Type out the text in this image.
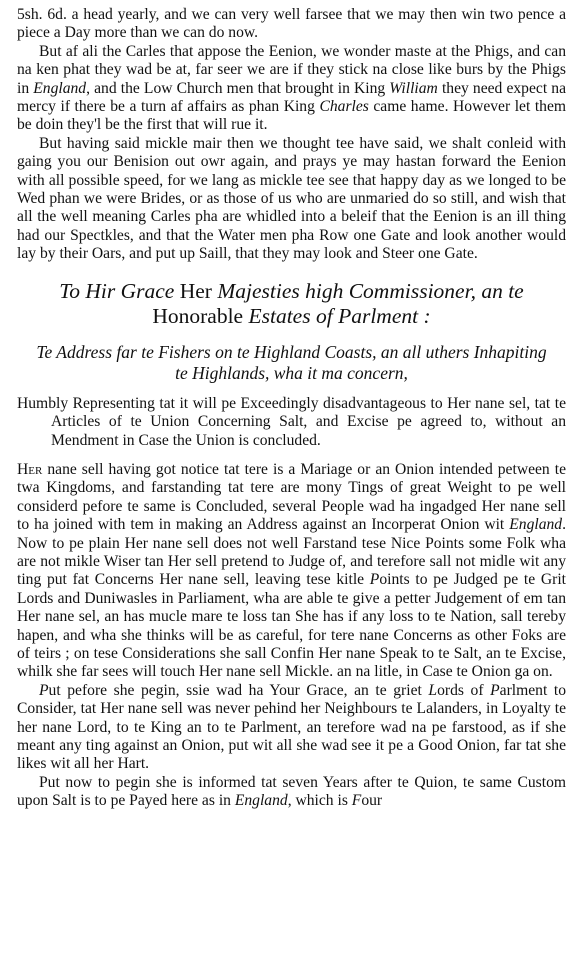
5sh. 6d. a head yearly, and we can very well farsee that we may then win two pence a piece a Day more than we can do now.

But af ali the Carles that appose the Eenion, we wonder maste at the Phigs, and can na ken phat they wad be at, far seer we are if they stick na close like burs by the Phigs in England, and the Low Church men that brought in King William they need expect na mercy if there be a turn af affairs as phan King Charles came hame. However let them be doin they'l be the first that will rue it.

But having said mickle mair then we thought tee have said, we shalt conleid with gaing you our Benision out owr again, and prays ye may hastan forward the Eenion with all possible speed, for we lang as mickle tee see that happy day as we longed to be Wed phan we were Brides, or as those of us who are unmaried do so still, and wish that all the well meaning Carles pha are whidled into a beleif that the Eenion is an ill thing had our Spectkles, and that the Water men pha Row one Gate and look another would lay by their Oars, and put up Saill, that they may look and Steer one Gate.

To Hir Grace Her Majesties high Commissioner, an te
Honorable Estates of Parlment :
Te Address far te Fishers on te Highland Coasts, an all uthers Inhapiting te Highlands, wha it ma concern,

Humbly Representing tat it will pe Exceedingly disadvantageous to Her nane sel, tat te Articles of te Union Concerning Salt, and Excise pe agreed to, without an Mendment in Case the Union is concluded.

Her nane sell having got notice tat tere is a Mariage or an Onion intended petween te twa Kingdoms, and farstanding tat tere are mony Tings of great Weight to pe well considerd pefore te same is Concluded, several People wad ha ingadged Her nane sell to ha joined with tem in making an Address against an Incorperat Onion wit England. Now to pe plain Her nane sell does not well Farstand tese Nice Points some Folk wha are not mikle Wiser tan Her sell pretend to Judge of, and terefore sall not midle wit any ting put fat Concerns Her nane sell, leaving tese kitle Points to pe Judged pe te Grit Lords and Duniwasles in Parliament, wha are able te give a petter Judgement of em tan Her nane sel, an has mucle mare te loss tan She has if any loss to te Nation, sall tereby hapen, and wha she thinks will be as careful, for tere nane Concerns as other Foks are of teirs ; on tese Considerations she sall Confin Her nane Speak to te Salt, an te Excise, whilk she far sees will touch Her nane sell Mickle. an na litle, in Case te Onion ga on.

Put pefore she pegin, ssie wad ha Your Grace, an te griet Lords of Parlment to Consider, tat Her nane sell was never pehind her Neighbours te Lalanders, in Loyalty te her nane Lord, to te King an to te Parlment, an terefore wad na pe farstood, as if she meant any ting against an Onion, put wit all she wad see it pe a Good Onion, far tat she likes wit all her Hart.

Put now to pegin she is informed tat seven Years after te Quion, te same Custom upon Salt is to pe Payed here as in England, which is Four
